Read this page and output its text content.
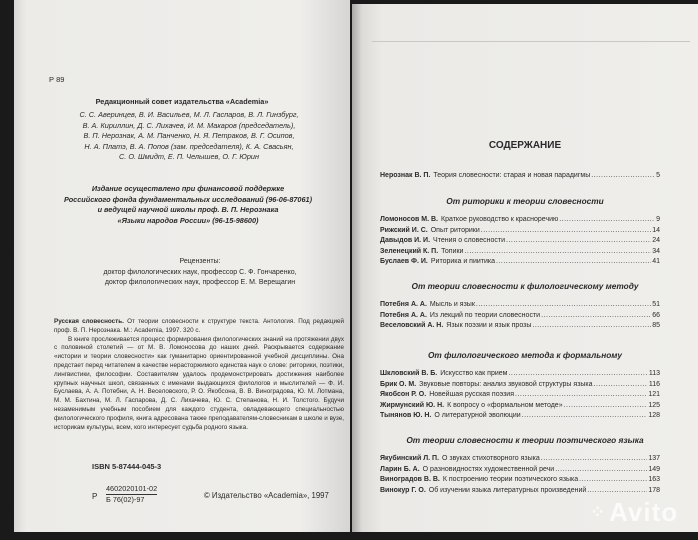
Р 89
Редакционный совет издательства «Academia»
С. С. Аверинцев, В. И. Васильев, М. Л. Гаспаров, В. Л. Гинзбург,
В. А. Кириллин, Д. С. Лихачев, И. М. Макаров (председатель),
В. П. Нерознак, А. М. Панченко, Н. Я. Петраков, В. Г. Осипов,
Н. А. Платэ, В. А. Попов (зам. председателя), К. А. Свасьян,
С. О. Шмидт, Е. П. Челышев, О. Г. Юрин
Издание осуществлено при финансовой поддержке
Российского фонда фундаментальных исследований (96-06-87061)
и ведущей научной школы проф. В. П. Нерознака
«Языки народов России» (96-15-98600)
Рецензенты:
доктор филологических наук, профессор С. Ф. Гончаренко,
доктор филологических наук, профессор Е. М. Верещагин
Русская словесность. От теории словесности к структуре текста. Антология. Под редакцией проф. В. П. Нерознака. М.: Academia, 1997. 320 с.
В книге прослеживается процесс формирования филологических знаний на протяжении двух с половиной столетий — от М. В. Ломоносова до наших дней. Раскрывается содержание «истории и теории словесности» как гуманитарно ориентированной учебной дисциплины. Она предстает перед читателем в качестве нерасторжимого единства наук о слове: риторики, поэтики, лингвистики, философии. Составителям удалось продемонстрировать достижения наиболее крупных научных школ, связанных с именами выдающихся филологов и мыслителей — Ф. И. Буслаева, А. А. Потебни, А. Н. Веселовского, Р. О. Якобсона, В. В. Виноградова, Ю. М. Лотмана, М. М. Бахтина, М. Л. Гаспарова, Д. С. Лихачева, Ю. С. Степанова, Н. И. Толстого. Будучи незаменимым учебным пособием для каждого студента, овладевающего специальностью филологического профиля, книга адресована также преподавателям-словесникам в школе и вузе, историкам культуры, всем, кого интересует судьба родного языка.
ISBN 5-87444-045-3
Р
4602020101-02
Б 76(02)-97	© Издательство «Academia», 1997
СОДЕРЖАНИЕ
Нерознак В. П. Теория словесности: старая и новая парадигмы .....	5
От риторики к теории словесности
Ломоносов М. В. Краткое руководство к красноречию .....	9
Рижский И. С. Опыт риторики .....	14
Давыдов И. И. Чтения о словесности .....	24
Зеленецкий К. П. Топики .....	34
Буслаев Ф. И. Риторика и пиитика .....	41
От теории словесности к филологическому методу
Потебня А. А. Мысль и язык .....	51
Потебня А. А. Из лекций по теории словесности .....	66
Веселовский А. Н. Язык поэзии и язык прозы .....	85
От филологического метода к формальному
Шкловский В. Б. Искусство как прием .....	113
Брик О. М. Звуковые повторы: анализ звуковой структуры языка .....	116
Якобсон Р. О. Новейшая русская поэзия .....	121
Жирмунский Ю. Н. К вопросу о «формальном методе» .....	125
Тынянов Ю. Н. О литературной эволюции .....	128
От теории словесности к теории поэтического языка
Якубинский Л. П. О звуках стихотворного языка .....	137
Ларин Б. А. О разновидностях художественной речи .....	149
Виноградов В. В. К построению теории поэтического языка .....	163
Винокур Г. О. Об изучении языка литературных произведений .....	178
⁘ Avito
